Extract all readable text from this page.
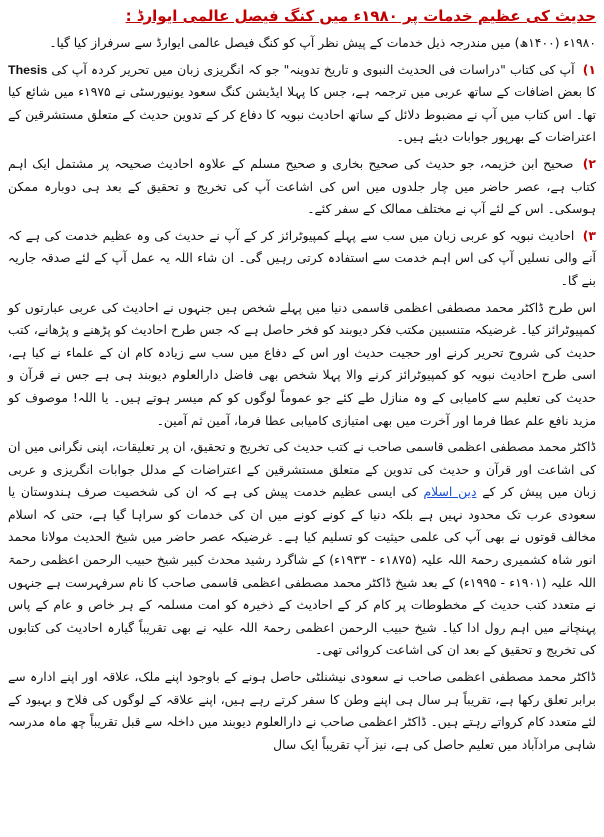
حدیث کی عظیم خدمات پر ۱۹۸۰ء میں کنگ فیصل عالمی ایوارڈ :

۱۹۸۰ء (۱۴۰۰ھ) میں مندرجہ ذیل خدمات کے پیش نظر آپ کو کنگ فیصل عالمی ایوارڈ سے سرفراز کیا گیا۔

۱) آپ کی کتاب "دراسات فی الحدیث النبوی و تاریخ تدوینہ" جو کہ انگریزی زبان میں تحریر کردہ آپ کی Thesis کا بعض اضافات کے ساتھ عربی میں ترجمہ ہے، جس کا پہلا ایڈیشن کنگ سعود یونیورسٹی نے ۱۹۷۵ء میں شائع کیا تھا۔ اس کتاب میں آپ نے مضبوط دلائل کے ساتھ احادیث نبویہ کا دفاع کر کے تدوین حدیث کے متعلق مستشرقین کے اعتراضات کے بھرپور جوابات دیئے ہیں۔

۲) صحیح ابن خزیمہ، جو حدیث کی صحیح بخاری و صحیح مسلم کے علاوہ احادیث صحیحہ پر مشتمل ایک اہم کتاب ہے، عصر حاضر میں چار جلدوں میں اس کی اشاعت آپ کی تخریج و تحقیق کے بعد ہی دوبارہ ممکن ہوسکی۔ اس کے لئے آپ نے مختلف ممالک کے سفر کئے۔

۳) احادیث نبویہ کو عربی زبان میں سب سے پہلے کمپیوٹرائز کر کے آپ نے حدیث کی وہ عظیم خدمت کی ہے کہ آنے والی نسلیں آپ کی اس اہم خدمت سے استفادہ کرتی رہیں گی۔ ان شاء اللہ یہ عمل آپ کے لئے صدقہ جاریہ بنے گا۔

اس طرح ڈاکٹر محمد مصطفی اعظمی قاسمی دنیا میں پہلے شخص ہیں جنہوں نے احادیث کی عربی عبارتوں کو کمپیوٹرائز کیا۔ غرضیکہ متنسبین مکتب فکر دیوبند کو فخر حاصل ہے کہ جس طرح احادیث کو پڑھنے و پڑھانے، کتب حدیث کی شروح تحریر کرنے اور حجیت حدیث اور اس کے دفاع میں سب سے زیادہ کام ان کے علماء نے کیا ہے، اسی طرح احادیث نبویہ کو کمپیوٹرائز کرنے والا پہلا شخص بھی فاضل دارالعلوم دیوبند ہی ہے جس نے قرآن و حدیث کی تعلیم سے کامیابی کے وہ منازل طے کئے جو عموماً لوگوں کو کم میسر ہوتے ہیں۔ یا اللہ! موصوف کو مزید نافع علم عطا فرما اور آخرت میں بھی امتیازی کامیابی عطا فرما، آمین ثم آمین۔

ڈاکٹر محمد مصطفی اعظمی قاسمی صاحب نے کتب حدیث کی تخریج و تحقیق، ان پر تعلیقات، اپنی نگرانی میں ان کی اشاعت اور قرآن و حدیث کی تدوین کے متعلق مستشرقین کے اعتراضات کے مدلل جوابات انگریزی و عربی زبان میں پیش کر کے دین اسلام کی ایسی عظیم خدمت پیش کی ہے کہ ان کی شخصیت صرف ہندوستان یا سعودی عرب تک محدود نہیں ہے بلکہ دنیا کے کونے کونے میں ان کی خدمات کو سراہا گیا ہے، حتی کہ اسلام مخالف قوتوں نے بھی آپ کی علمی حیثیت کو تسلیم کیا ہے۔ غرضیکہ عصر حاضر میں شیخ الحدیث مولانا محمد انور شاہ کشمیری رحمۃ اللہ علیہ (۱۸۷۵ء - ۱۹۳۳ء) کے شاگرد رشید محدث کبیر شیخ حبیب الرحمن اعظمی رحمۃ اللہ علیہ (۱۹۰۱ء - ۱۹۹۵ء) کے بعد شیخ ڈاکٹر محمد مصطفی اعظمی قاسمی صاحب کا نام سرفہرست ہے جنہوں نے متعدد کتب حدیث کے مخطوطات پر کام کر کے احادیث کے ذخیرہ کو امت مسلمہ کے ہر خاص و عام کے پاس پہنچانے میں اہم رول ادا کیا۔ شیخ حبیب الرحمن اعظمی رحمۃ اللہ علیہ نے بھی تقریباً گیارہ احادیث کی کتابوں کی تخریج و تحقیق کے بعد ان کی اشاعت کروائی تھی۔

ڈاکٹر محمد مصطفی اعظمی صاحب نے سعودی نیشنلٹی حاصل ہونے کے باوجود اپنے ملک، علاقہ اور اپنے ادارہ سے برابر تعلق رکھا ہے، تقریباً ہر سال ہی اپنے وطن کا سفر کرتے رہے ہیں، اپنے علاقہ کے لوگوں کی فلاح و بہبود کے لئے متعدد کام کرواتے رہتے ہیں۔ ڈاکٹر اعظمی صاحب نے دارالعلوم دیوبند میں داخلہ سے قبل تقریباً چھ ماہ مدرسہ شاہی مرادآباد میں تعلیم حاصل کی ہے، نیز آپ تقریباً ایک سال
